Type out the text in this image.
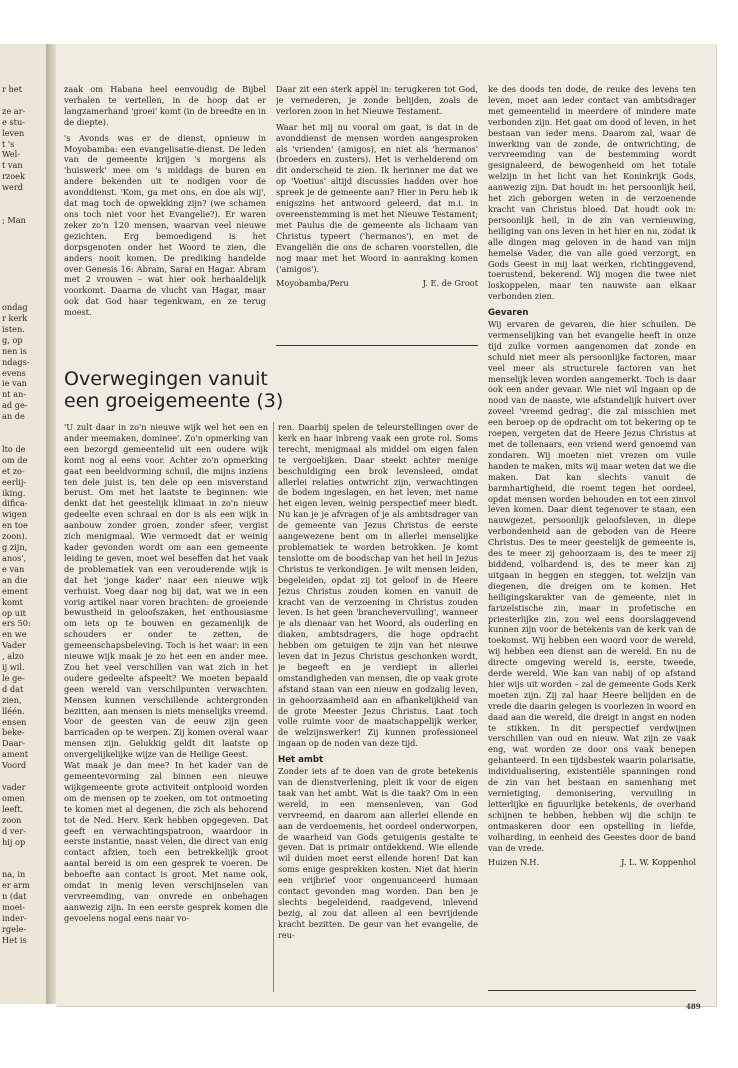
r het

ze ar-
e stu-
leven
t 's
Wel-
t van
rzoek
werd

; Man

ondag
r kerk
isten.
g, op
nen is
ndags-
evens
ie van
nt an-
ad ge-
an de

lto de
om de
et zo-
eerlij-
iking.
difica-
wigen
en toe
zoon).
g zijn,
anos',
e van
an die
ement
komt
op uit
ers 50:
en we
Vader
, alzo
ij wil.
le ge-
d dat
zien,
lléén.
ensen
beke-
Daar-
ament
Voord

vader
omen
leeft.
zoon
d ver-
hij op

na, in
er arm
n (dat
moei-
inder-
rgele-
Het is

zaak om Habana heel eenvoudig de Bijbel verhalen te vertellen, in de hoop dat er langzamerhand 'groei' komt (in de breedte en in de diepte).

's Avonds was er de dienst, opnieuw in Moyobamba: een evangelisatie-dienst. De leden van de gemeente krijgen 's morgens als 'huiswerk' mee om 's middags de buren en andere bekenden uit te nodigen voor de avonddienst. 'Kom, ga met ons, en doe als wij', dat mag toch de opwekking zijn? (we schamen ons toch niet voor het Evangelie?). Er waren zeker zo'n 120 mensen, waarvan veel nieuwe gezichten. Erg bemoedigend is het dorpsgenoten onder het Woord te zien, die anders nooit komen. De prediking handelde over Genesis 16: Abram, Sarai en Hagar. Abram met 2 vrouwen – wat hier ook herhaaldelijk voorkomt. Daarna de vlucht van Hagar, maar ook dat God haar tegenkwam, en ze terug moest.

Daar zit een sterk appèl in: terugkeren tot God, je vernederen, je zonde belijden, zoals de verloren zoon in het Nieuwe Testament.

Waar het mij nu vooral om gaat, is dat in de avonddienst de mensen worden aangesproken als 'vrienden' (amigos), en niet als 'hermanos' (broeders en zusters). Het is verhelderend om dit onderscheid te zien. Ik herinner me dat we op 'Voetius' altijd discussies hadden over hoe spreek je de gemeente aan? Hier in Peru heb ik enigszins het antwoord geleerd, dat m.i. in overeenstemming is met het Nieuwe Testament; met Paulus die de gemeente als lichaam van Christus typeert ('hermanos'), en met de Evangeliën die ons de scharen voorstellen, die nog maar met het Woord in aanraking komen ('amigos').

Moyobamba/Peru	J. E. de Groot
Overwegingen vanuit een groeigemeente (3)

'U zult daar in zo'n nieuwe wijk wel het een en ander meemaken, dominee'. Zo'n opmerking van een bezorgd gemeentelid uit een oudere wijk komt nog al eens voor. Achter zo'n opmerking gaat een beeldvorming schuil, die mijns inziens ten dele juist is, ten dele op een misverstand berust. Om met het laatste te beginnen: wie denkt dat het geestelijk klimaat in zo'n nieuw gedeelte even schraal en dor is als een wijk in aanbouw zonder groen, zonder sfeer, vergist zich menigmaal. Wie vermoedt dat er weinig kader gevonden wordt om aan een gemeente leiding te geven, moet wel beseffen dat het vaak de problematiek van een verouderende wijk is dat het 'jonge kader' naar een nieuwe wijk verhuist. Voeg daar nog bij dat, wat we in een vorig artikel naar voren brachten: de groeiende bewustheid in geloofszaken, het enthousiasme om iets op te bouwen en gezamenlijk de schouders er onder te zetten, de gemeenschapsbeleving. Toch is het waar: in een nieuwe wijk maak je zo het een en ander mee. Zou het veel verschillen van wat zich in het oudere gedeelte afspeelt? We moeten bepaald geen wereld van verschilpunten verwachten. Mensen kunnen verschillende achtergronden bezitten, aan mensen is niets menselijks vreemd. Voor de geesten van de eeuw zijn geen barricaden op te werpen. Zij komen overal waar mensen zijn. Gelukkig geldt dit laatste op onvergelijkelijke wijze van de Heilige Geest.

Wat maak je dan mee? In het kader van de gemeentevorming zal binnen een nieuwe wijkgemeente grote activiteit ontplooid worden om de mensen op te zoeken, om tot ontmoeting te komen met al degenen, die zich als behorend tot de Ned. Herv. Kerk hebben opgegeven. Dat geeft en verwachtingspatroon, waardoor in eerste instantie, naast velen, die direct van enig contact afzien, toch een betrekkelijk groot aantal bereid is om een gesprek te voeren. De behoefte aan contact is groot. Met name ook, omdat in menig leven verschijnselen van vervreemding, van onvrede en onbehagen aanwezig zijn. In een eerste gesprek komen die gevoelens nogal eens naar vo-

ren. Daarbij spelen de teleurstellingen over de kerk en haar inbreng vaak een grote rol. Soms terecht, menigmaal als middel om eigen falen te vergoelijken. Daar steekt achter menige beschuldiging een brok levensleed, omdat allerlei relaties ontwricht zijn, verwachtingen de bodem ingeslagen, en het leven, met name het eigen leven, weinig perspectief meer biedt. Nu kan je je afvragen of je als ambtsdrager van de gemeente van Jezus Christus de eerste aangewezene bent om in allerlei menselijke problematiek te worden betrokken. Je komt tenslotte om de boodschap van het heil in Jezus Christus te verkondigen. Je wilt mensen leiden, begeleiden, opdat zij tot geloof in de Heere Jezus Christus zouden komen en vanuit de kracht van de verzoening in Christus zouden leven. Is het geen 'branchevervuiling', wanneer je als dienaar van het Woord, als ouderling en diaken, ambtsdragers, die hoge opdracht hebben om getuigen te zijn van het nieuwe leven dat in Jezus Christus geschonken wordt, je begeeft en je verdiept in allerlei omstandigheden van mensen, die op vaak grote afstand staan van een nieuw en godzalig leven, in gehoorzaamheid aan en afhankelijkheid van de grote Meester Jezus Christus. Laat toch volle ruimte voor de maatschappelijk werker, de welzijnswerker! Zij kunnen professioneel ingaan op de noden van deze tijd.

Het ambt

Zonder iets af te doen van de grote betekenis van de dienstverlening, pleit ik voor de eigen taak van het ambt. Wat is die taak? Om in een wereld, in een mensenleven, van God vervreemd, en daarom aan allerlei ellende en aan de verdoemenis, het oordeel onderworpen, de waarheid van Gods getuigenis gestalte te geven. Dat is primair ontdekkend. Wie ellende wil duiden moet eerst ellende horen! Dat kan soms enige gesprekken kosten. Niet dat hierin een vrijbrief voor ongenuanceerd humaan contact gevonden mag worden. Dan ben je slechts begeleidend, raadgevend, inlevend bezig, al zou dat alleen al een bevrijdende kracht bezitten. De geur van het evangelie, de reu-

ke des doods ten dode, de reuke des levens ten leven, moet aan ieder contact van ambtsdrager met gemeentelid in meerdere of mindere mate verbonden zijn. Het gaat om dood of leven, in het bestaan van ieder mens. Daarom zal, waar de inwerking van de zonde, de ontwrichting, de vervreemding van de bestemming wordt gesignaleerd, de bewogenheid om het totale welzijn in het licht van het Koninkrijk Gods, aanwezig zijn. Dat houdt in: het persoonlijk heil, het zich geborgen weten in de verzoenende kracht van Christus bloed. Dat houdt ook in: persoonlijk heil, in de zin van vernieuwing, heiliging van ons leven in het hier en nu, zodat ik alle dingen mag geloven in de hand van mijn hemelse Vader, die van alle goed verzorgt, en Gods Geest in mij laat werken, richtinggevend, toerustend, bekerend. Wij mogen die twee niet loskoppelen, maar ten nauwste aan elkaar verbonden zien.

Gevaren

Wij ervaren de gevaren, die hier schuilen. De vermenselijking van het evangelie heeft in onze tijd zulke vormen aangenomen dat zonde en schuld niet meer als persoonlijke factoren, maar veel meer als structurele factoren van het menselijk leven worden aangemerkt. Toch is daar ook een ander gevaar. Wie niet wil ingaan op de nood van de naaste, wie afstandelijk huivert over zoveel 'vreemd gedrag', die zal misschien met een beroep op de opdracht om tot bekering op te roepen, vergeten dat de Heere Jezus Christus at met de tollenaars, een vriend werd genoemd van zondaren. Wij moeten niet vrezen om vuile handen te maken, mits wij maar weten dat we die maken. Dat kan slechts vanuit de barmhartigheid, die roemt tegen het oordeel, opdat mensen worden behouden en tot een zinvol leven komen. Daar dient tegenover te staan, een nauwgezet, persoonlijk geloofsleven, in diepe verbondenheid aan de geboden van de Heere Christus. Des te meer geestelijk de gemeente is, des te meer zij gehoorzaam is, des te meer zij biddend, volhardend is, des te meer kan zij uitgaan in heggen en steggen, tot welzijn van diegenen, die dreigen om te komen. Het heiligingskarakter van de gemeente, niet in farizeïstische zin, maar in profetische en priesterlijke zin, zou wel eens doorslaggevend kunnen zijn voor de betekenis van de kerk van de toekomst. Wij hebben een woord voor de wereld, wij hebben een dienst aan de wereld. En nu de directe omgeving wereld is, eerste, tweede, derde wereld. Wie kan van nabij of op afstand hier wijs uit worden – zal de gemeente Gods Kerk moeten zijn. Zij zal haar Heere belijden en de vrede die daarin gelegen is voorlezen in woord en daad aan die wereld, die dreigt in angst en noden te stikken. In dit perspectief verdwijnen verschillen van oud en nieuw. Wat zijn ze vaak eng, wat worden ze door ons vaak benepen gehanteerd. In een tijdsbestek waarin polarisatie, individualisering, existentiële spanningen rond de zin van het bestaan en samenhang met vernietiging, demonisering, vervuiling in letterlijke en figuurlijke betekenis, de overhand schijnen te hebben, hebben wij die schijn te ontmaskeren door een opstelling in liefde, volharding, in eenheid des Geestes door de band van de vrede.

Huizen N.H.	J. L. W. Koppenhol
489
